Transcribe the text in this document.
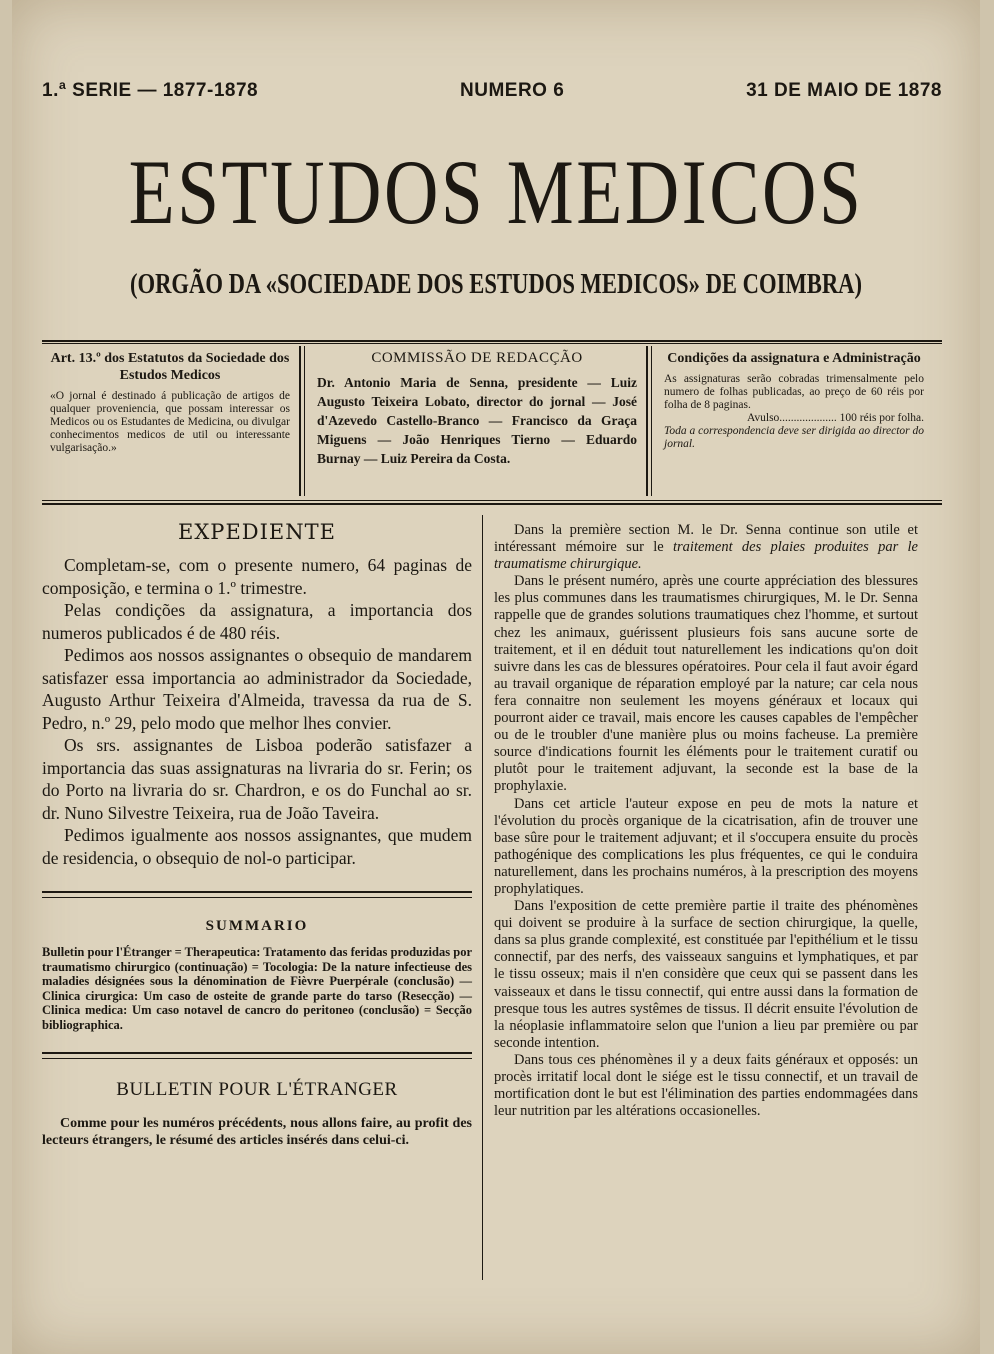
1.ª SERIE — 1877-1878	NUMERO 6	31 DE MAIO DE 1878
ESTUDOS MEDICOS
(ORGÃO DA «SOCIEDADE DOS ESTUDOS MEDICOS» DE COIMBRA)
Art. 13.º dos Estatutos da Sociedade dos Estudos Medicos
«O jornal é destinado á publicação de artigos de qualquer proveniencia, que possam interessar os Medicos ou os Estudantes de Medicina, ou divulgar conhecimentos medicos de util ou interessante vulgarisação.»
COMMISSÃO DE REDACÇÃO
Dr. Antonio Maria de Senna, presidente — Luiz Augusto Teixeira Lobato, director do jornal — José d'Azevedo Castello-Branco — Francisco da Graça Miguens — João Henriques Tierno — Eduardo Burnay — Luiz Pereira da Costa.
Condições da assignatura e Administração
As assignaturas serão cobradas trimensalmente pelo numero de folhas publicadas, ao preço de 60 réis por folha de 8 paginas.
Avulso.................... 100 réis por folha.
Toda a correspondencia deve ser dirigida ao director do jornal.
EXPEDIENTE

Completam-se, com o presente numero, 64 paginas de composição, e termina o 1.º trimestre.

Pelas condições da assignatura, a importancia dos numeros publicados é de 480 réis.

Pedimos aos nossos assignantes o obsequio de mandarem satisfazer essa importancia ao administrador da Sociedade, Augusto Arthur Teixeira d'Almeida, travessa da rua de S. Pedro, n.º 29, pelo modo que melhor lhes convier.

Os srs. assignantes de Lisboa poderão satisfazer a importancia das suas assignaturas na livraria do sr. Ferin; os do Porto na livraria do sr. Chardron, e os do Funchal ao sr. dr. Nuno Silvestre Teixeira, rua de João Taveira.

Pedimos igualmente aos nossos assignantes, que mudem de residencia, o obsequio de nol-o participar.

SUMMARIO
Bulletin pour l'Étranger = Therapeutica: Tratamento das feridas produzidas por traumatismo chirurgico (continuação) = Tocologia: De la nature infectieuse des maladies désignées sous la dénomination de Fièvre Puerpérale (conclusão) — Clinica cirurgica: Um caso de osteite de grande parte do tarso (Resecção) — Clinica medica: Um caso notavel de cancro do peritoneo (conclusão) = Secção bibliographica.
BULLETIN POUR L'ÉTRANGER

Comme pour les numéros précédents, nous allons faire, au profit des lecteurs étrangers, le résumé des articles insérés dans celui-ci.

Dans la première section M. le Dr. Senna continue son utile et intéressant mémoire sur le traitement des plaies produites par le traumatisme chirurgique.

Dans le présent numéro, après une courte appréciation des blessures les plus communes dans les traumatismes chirurgiques, M. le Dr. Senna rappelle que de grandes solutions traumatiques chez l'homme, et surtout chez les animaux, guérissent plusieurs fois sans aucune sorte de traitement, et il en déduit tout naturellement les indications qu'on doit suivre dans les cas de blessures opératoires. Pour cela il faut avoir égard au travail organique de réparation employé par la nature; car cela nous fera connaitre non seulement les moyens généraux et locaux qui pourront aider ce travail, mais encore les causes capables de l'empêcher ou de le troubler d'une manière plus ou moins facheuse. La première source d'indications fournit les éléments pour le traitement curatif ou plutôt pour le traitement adjuvant, la seconde est la base de la prophylaxie.

Dans cet article l'auteur expose en peu de mots la nature et l'évolution du procès organique de la cicatrisation, afin de trouver une base sûre pour le traitement adjuvant; et il s'occupera ensuite du procès pathogénique des complications les plus fréquentes, ce qui le conduira naturellement, dans les prochains numéros, à la prescription des moyens prophylatiques.

Dans l'exposition de cette première partie il traite des phénomènes qui doivent se produire à la surface de section chirurgique, la quelle, dans sa plus grande complexité, est constituée par l'epithélium et le tissu connectif, par des nerfs, des vaisseaux sanguins et lymphatiques, et par le tissu osseux; mais il n'en considère que ceux qui se passent dans les vaisseaux et dans le tissu connectif, qui entre aussi dans la formation de presque tous les autres systêmes de tissus. Il décrit ensuite l'évolution de la néoplasie inflammatoire selon que l'union a lieu par première ou par seconde intention.

Dans tous ces phénomènes il y a deux faits généraux et opposés: un procès irritatif local dont le siége est le tissu connectif, et un travail de mortification dont le but est l'élimination des parties endommagées dans leur nutrition par les altérations occasionelles.
